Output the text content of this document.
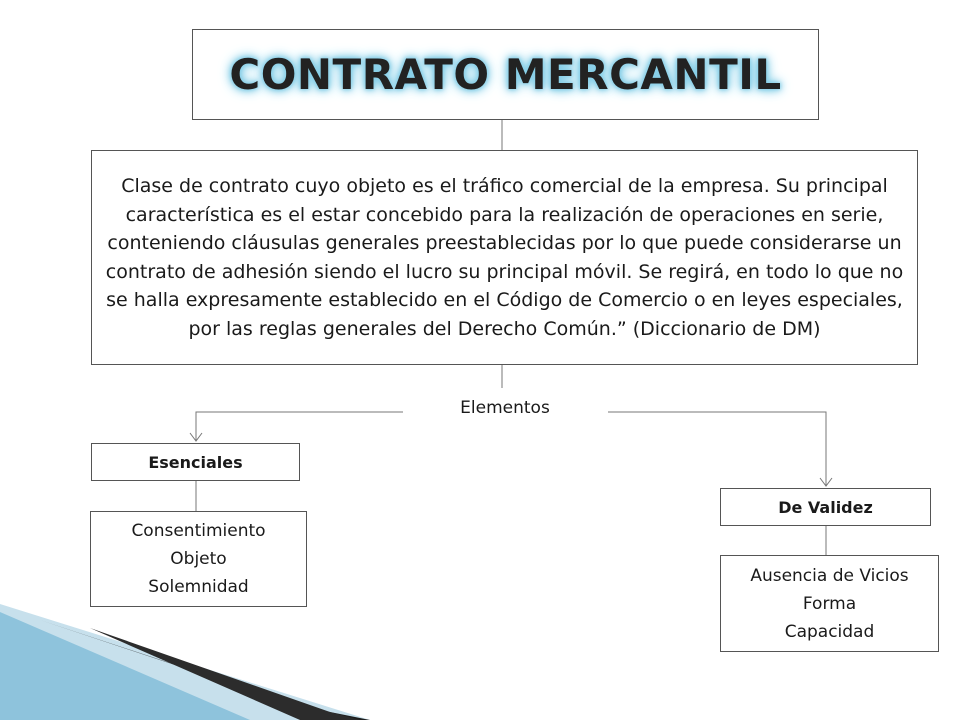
CONTRATO MERCANTIL
Clase de contrato cuyo objeto es el tráfico comercial de la empresa. Su principal característica es el estar concebido para la realización de operaciones en serie, conteniendo cláusulas generales preestablecidas por lo que puede considerarse un contrato de adhesión siendo el lucro su principal móvil. Se regirá, en todo lo que no se halla expresamente establecido en el Código de Comercio o en leyes especiales, por las reglas generales del Derecho Común.” (Diccionario de DM)
Elementos
Esenciales
Consentimiento
Objeto
Solemnidad
De Validez
Ausencia de Vicios
Forma
Capacidad
